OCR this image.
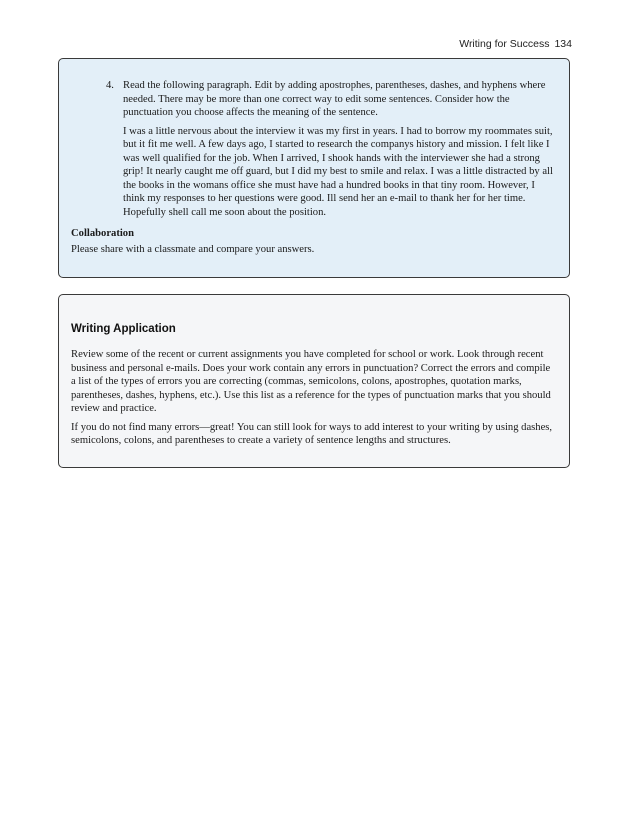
Writing for Success 134
4. Read the following paragraph. Edit by adding apostrophes, parentheses, dashes, and hyphens where needed. There may be more than one correct way to edit some sentences. Consider how the punctuation you choose affects the meaning of the sentence.

I was a little nervous about the interview it was my first in years. I had to borrow my roommates suit, but it fit me well. A few days ago, I started to research the companys history and mission. I felt like I was well qualified for the job. When I arrived, I shook hands with the interviewer she had a strong grip! It nearly caught me off guard, but I did my best to smile and relax. I was a little distracted by all the books in the womans office she must have had a hundred books in that tiny room. However, I think my responses to her questions were good. Ill send her an e-mail to thank her for her time. Hopefully shell call me soon about the position.

Collaboration

Please share with a classmate and compare your answers.

Writing Application

Review some of the recent or current assignments you have completed for school or work. Look through recent business and personal e-mails. Does your work contain any errors in punctuation? Correct the errors and compile a list of the types of errors you are correcting (commas, semicolons, colons, apostrophes, quotation marks, parentheses, dashes, hyphens, etc.). Use this list as a reference for the types of punctuation marks that you should review and practice.

If you do not find many errors—great! You can still look for ways to add interest to your writing by using dashes, semicolons, colons, and parentheses to create a variety of sentence lengths and structures.
